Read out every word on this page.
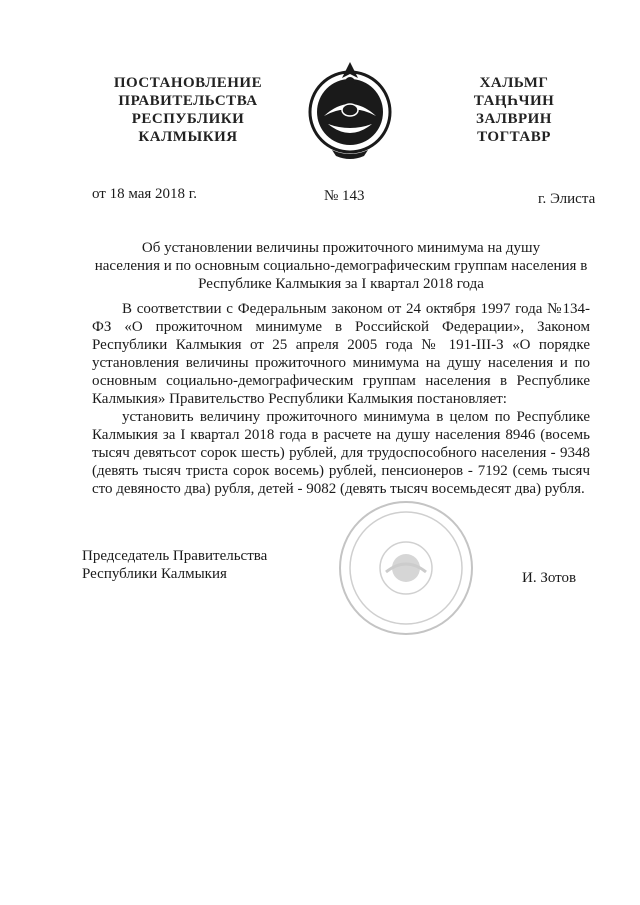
ПОСТАНОВЛЕНИЕ
ПРАВИТЕЛЬСТВА
РЕСПУБЛИКИ
КАЛМЫКИЯ
ХАЛЬМГ
ТАҢҺЧИН
ЗАЛВРИН
ТОГТАВР
от 18 мая 2018 г.	№ 143	г. Элиста
Об установлении величины прожиточного минимума на душу
населения и по основным социально-демографическим группам населения в
Республике Калмыкия за I квартал 2018 года

В соответствии с Федеральным законом от 24 октября 1997 года №134-ФЗ «О прожиточном минимуме в Российской Федерации», Законом Республики Калмыкия от 25 апреля 2005 года № 191-III-З «О порядке установления величины прожиточного минимума на душу населения и по основным социально-демографическим группам населения в Республике Калмыкия» Правительство Республики Калмыкия постановляет:

установить величину прожиточного минимума в целом по Республике Калмыкия за I квартал 2018 года в расчете на душу населения 8946 (восемь тысяч девятьсот сорок шесть) рублей, для трудоспособного населения - 9348 (девять тысяч триста сорок восемь) рублей, пенсионеров - 7192 (семь тысяч сто девяносто два) рубля, детей - 9082 (девять тысяч восемьдесят два) рубля.

Председатель Правительства
Республики Калмыкия	И. Зотов
